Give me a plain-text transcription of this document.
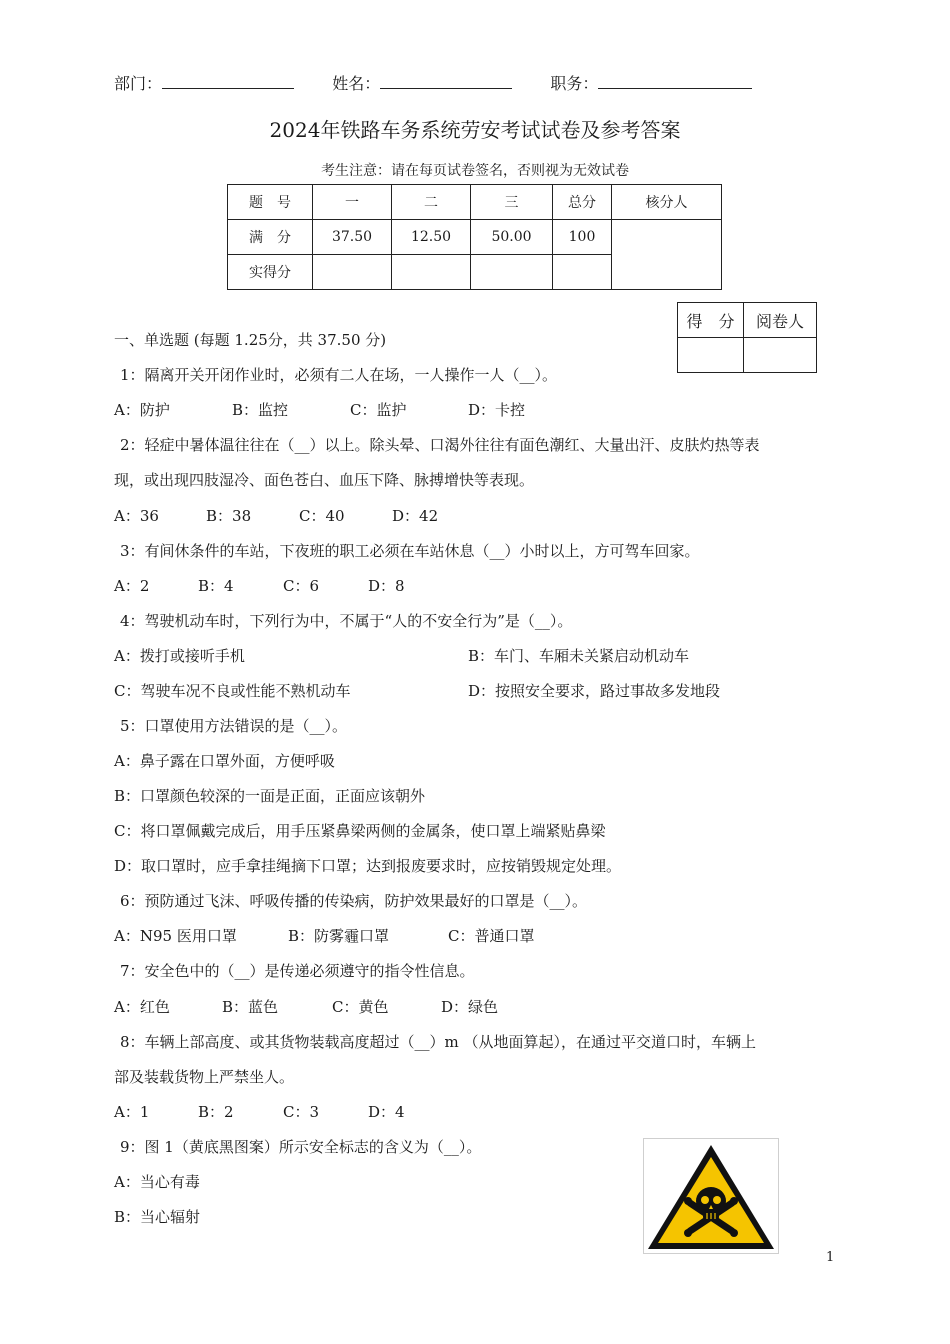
部门：	姓名：	职务：
2024年铁路车务系统劳安考试试卷及参考答案
考生注意：请在每页试卷签名，否则视为无效试卷
题　号	一	二	三	总分	核分人
满　分	37.50	12.50	50.00	100	
实得分					
得　分	阅卷人

一、单选题 (每题 1.25分，共 37.50 分)
1：隔离开关开闭作业时，必须有二人在场，一人操作一人（__）。
A：防护	B：监控	C：监护	D：卡控
2：轻症中暑体温往往在（__）以上。除头晕、口渴外往往有面色潮红、大量出汗、皮肤灼热等表
现，或出现四肢湿冷、面色苍白、血压下降、脉搏增快等表现。
A：36	B：38	C：40	D：42
3：有间休条件的车站，下夜班的职工必须在车站休息（__）小时以上，方可驾车回家。
A：2	B：4	C：6	D：8
4：驾驶机动车时，下列行为中，不属于“人的不安全行为”是（__）。
A：拨打或接听手机	B：车门、车厢未关紧启动机动车
C：驾驶车况不良或性能不熟机动车	D：按照安全要求，路过事故多发地段
5：口罩使用方法错误的是（__）。
A：鼻子露在口罩外面，方便呼吸
B：口罩颜色较深的一面是正面，正面应该朝外
C：将口罩佩戴完成后，用手压紧鼻梁两侧的金属条，使口罩上端紧贴鼻梁
D：取口罩时，应手拿挂绳摘下口罩；达到报废要求时，应按销毁规定处理。
6：预防通过飞沫、呼吸传播的传染病，防护效果最好的口罩是（__）。
A：N95 医用口罩	B：防雾霾口罩	C：普通口罩
7：安全色中的（__）是传递必须遵守的指令性信息。
A：红色	B：蓝色	C：黄色	D：绿色
8：车辆上部高度、或其货物装载高度超过（__）m （从地面算起），在通过平交道口时，车辆上
部及装载货物上严禁坐人。
A：1	B：2	C：3	D：4
9：图 1（黄底黑图案）所示安全标志的含义为（__）。
A：当心有毒
B：当心辐射
1
